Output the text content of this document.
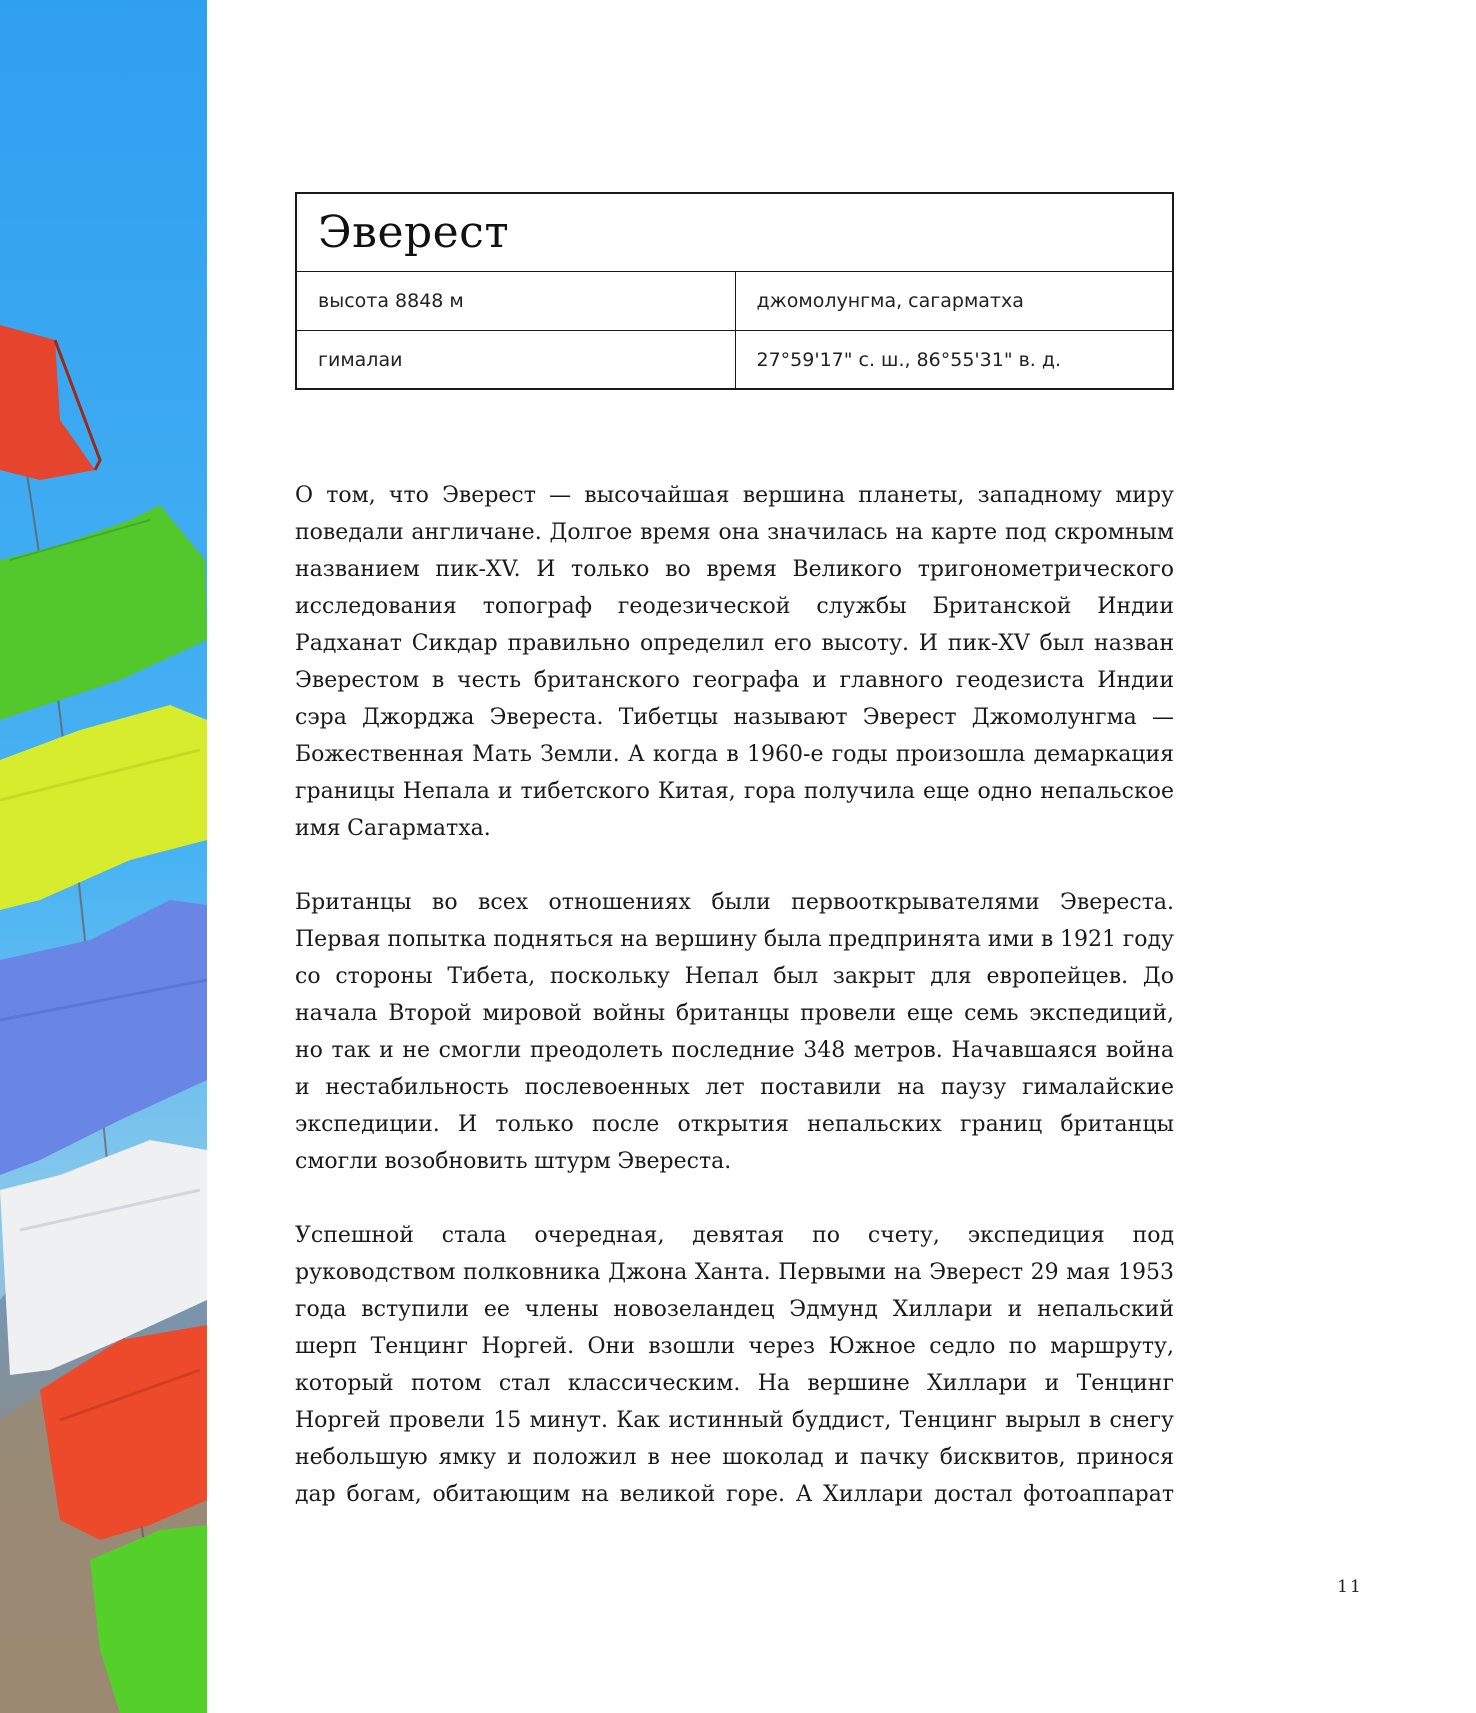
Эверест
высота 8848 м	джомолунгма, сагарматха
гималаи	27°59'17" с. ш., 86°55'31" в. д.

О том, что Эверест — высочайшая вершина планеты, западному миру поведали англичане. Долгое время она значилась на карте под скромным названием пик-XV. И только во время Великого тригонометрического исследования топограф геодезической службы Британской Индии Радханат Сикдар правильно определил его высоту. И пик-XV был назван Эверестом в честь британского географа и главного геодезиста Индии сэра Джорджа Эвереста. Тибетцы называют Эверест Джомолунгма — Божественная Мать Земли. А когда в 1960-е годы произошла демаркация границы Непала и тибетского Китая, гора получила еще одно непальское имя Сагарматха.

Британцы во всех отношениях были первооткрывателями Эвереста. Первая попытка подняться на вершину была предпринята ими в 1921 году со стороны Тибета, поскольку Непал был закрыт для европейцев. До начала Второй мировой войны британцы провели еще семь экспедиций, но так и не смогли преодолеть последние 348 метров. Начавшаяся война и нестабильность послевоенных лет поставили на паузу гималайские экспедиции. И только после открытия непальских границ британцы смогли возобновить штурм Эвереста.

Успешной стала очередная, девятая по счету, экспедиция под руководством полковника Джона Ханта. Первыми на Эверест 29 мая 1953 года вступили ее члены новозеландец Эдмунд Хиллари и непальский шерп Тенцинг Норгей. Они взошли через Южное седло по маршруту, который потом стал классическим. На вершине Хиллари и Тенцинг Норгей провели 15 минут. Как истинный буддист, Тенцинг вырыл в снегу небольшую ямку и положил в нее шоколад и пачку бисквитов, принося дар богам, обитающим на великой горе. А Хиллари достал фотоаппарат

11
